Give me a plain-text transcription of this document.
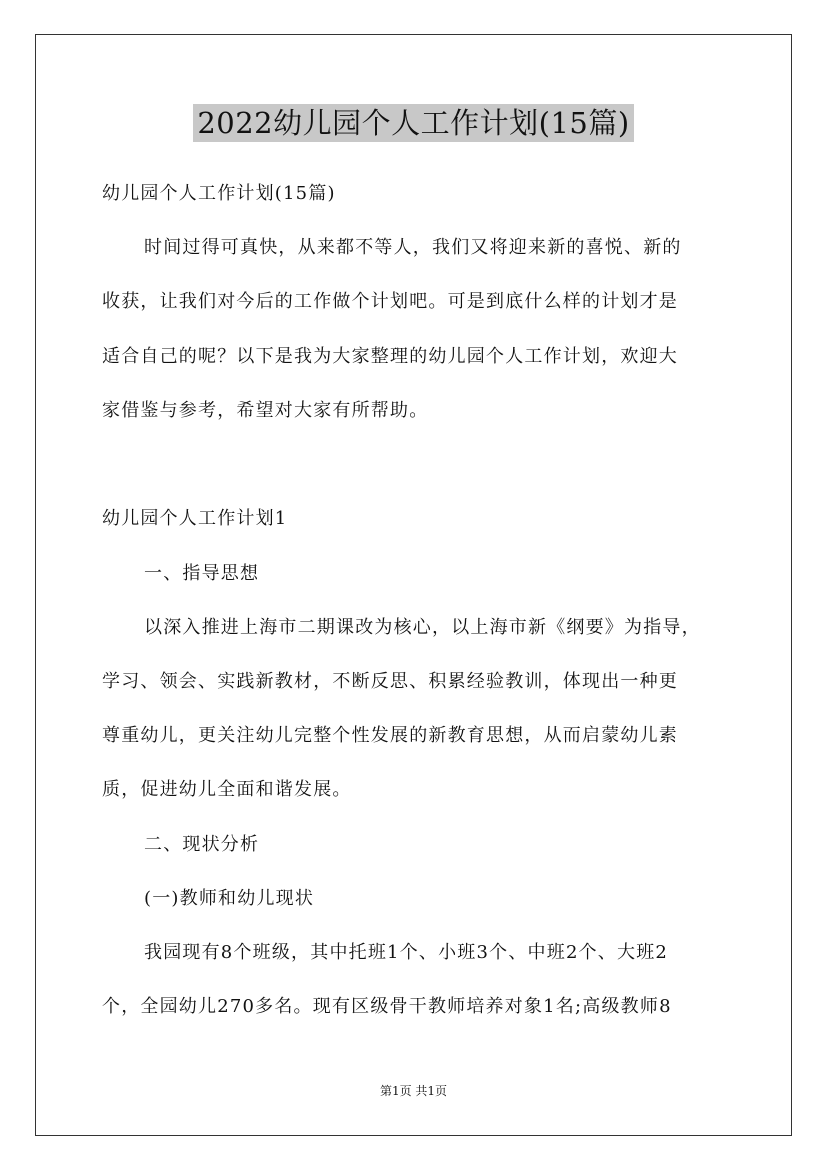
2022幼儿园个人工作计划(15篇)
幼儿园个人工作计划(15篇)
时间过得可真快，从来都不等人，我们又将迎来新的喜悦、新的
收获，让我们对今后的工作做个计划吧。可是到底什么样的计划才是
适合自己的呢？以下是我为大家整理的幼儿园个人工作计划，欢迎大
家借鉴与参考，希望对大家有所帮助。
幼儿园个人工作计划1
一、指导思想
以深入推进上海市二期课改为核心，以上海市新《纲要》为指导，
学习、领会、实践新教材，不断反思、积累经验教训，体现出一种更
尊重幼儿，更关注幼儿完整个性发展的新教育思想，从而启蒙幼儿素
质，促进幼儿全面和谐发展。
二、现状分析
(一)教师和幼儿现状
我园现有8个班级，其中托班1个、小班3个、中班2个、大班2
个，全园幼儿270多名。现有区级骨干教师培养对象1名;高级教师8
第1页 共1页
